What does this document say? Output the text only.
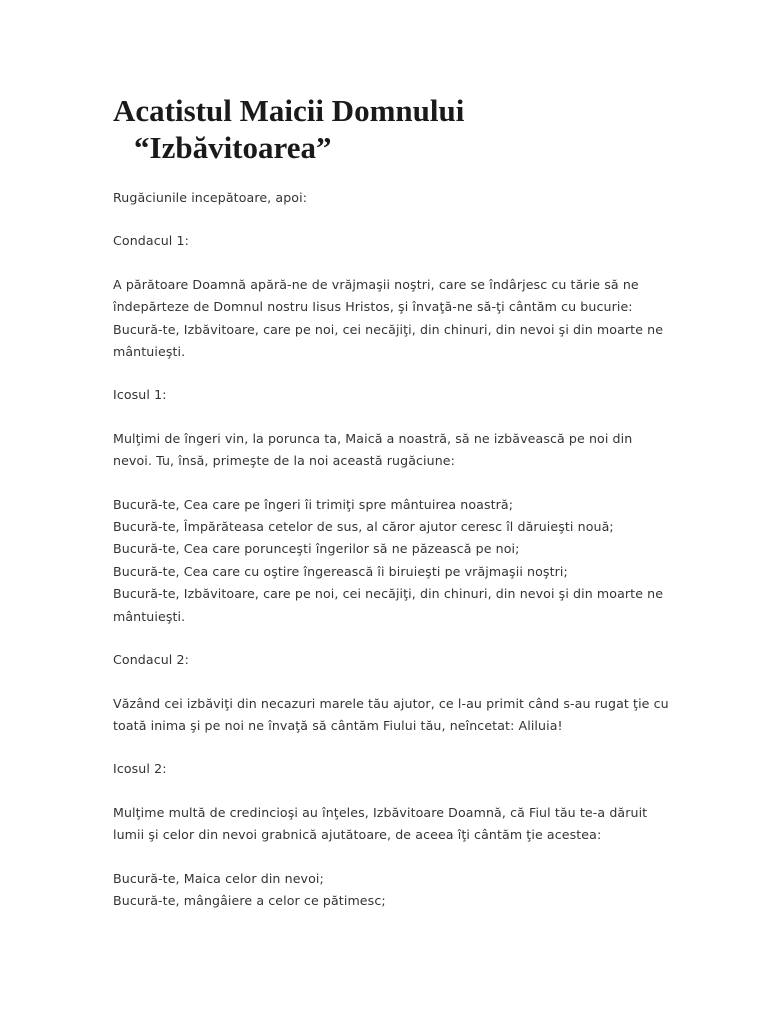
Acatistul Maicii Domnului
“Izbăvitoarea”

Rugăciunile incepătoare, apoi:

Condacul 1:

A părătoare Doamnă apără-ne de vrăjmaşii noştri, care se îndârjesc cu tărie să ne îndepărteze de Domnul nostru Iisus Hristos, şi învaţă-ne să-ţi cântăm cu bucurie: Bucură-te, Izbăvitoare, care pe noi, cei necăjiţi, din chinuri, din nevoi şi din moarte ne mântuieşti.

Icosul 1:

Mulţimi de îngeri vin, la porunca ta, Maică a noastră, să ne izbăvească pe noi din nevoi. Tu, însă, primeşte de la noi această rugăciune:

Bucură-te, Cea care pe îngeri îi trimiţi spre mântuirea noastră;
Bucură-te, Împărăteasa cetelor de sus, al căror ajutor ceresc îl dăruieşti nouă;
Bucură-te, Cea care porunceşti îngerilor să ne păzească pe noi;
Bucură-te, Cea care cu oştire îngerească îi biruieşti pe vrăjmaşii noştri;
Bucură-te, Izbăvitoare, care pe noi, cei necăjiţi, din chinuri, din nevoi şi din moarte ne mântuieşti.

Condacul 2:

Văzând cei izbăviţi din necazuri marele tău ajutor, ce l-au primit când s-au rugat ţie cu toată inima şi pe noi ne învaţă să cântăm Fiului tău, neîncetat: Aliluia!

Icosul 2:

Mulţime multă de credincioşi au înţeles, Izbăvitoare Doamnă, că Fiul tău te-a dăruit lumii şi celor din nevoi grabnică ajutătoare, de aceea îţi cântăm ţie acestea:

Bucură-te, Maica celor din nevoi;
Bucură-te, mângâiere a celor ce pătimesc;
